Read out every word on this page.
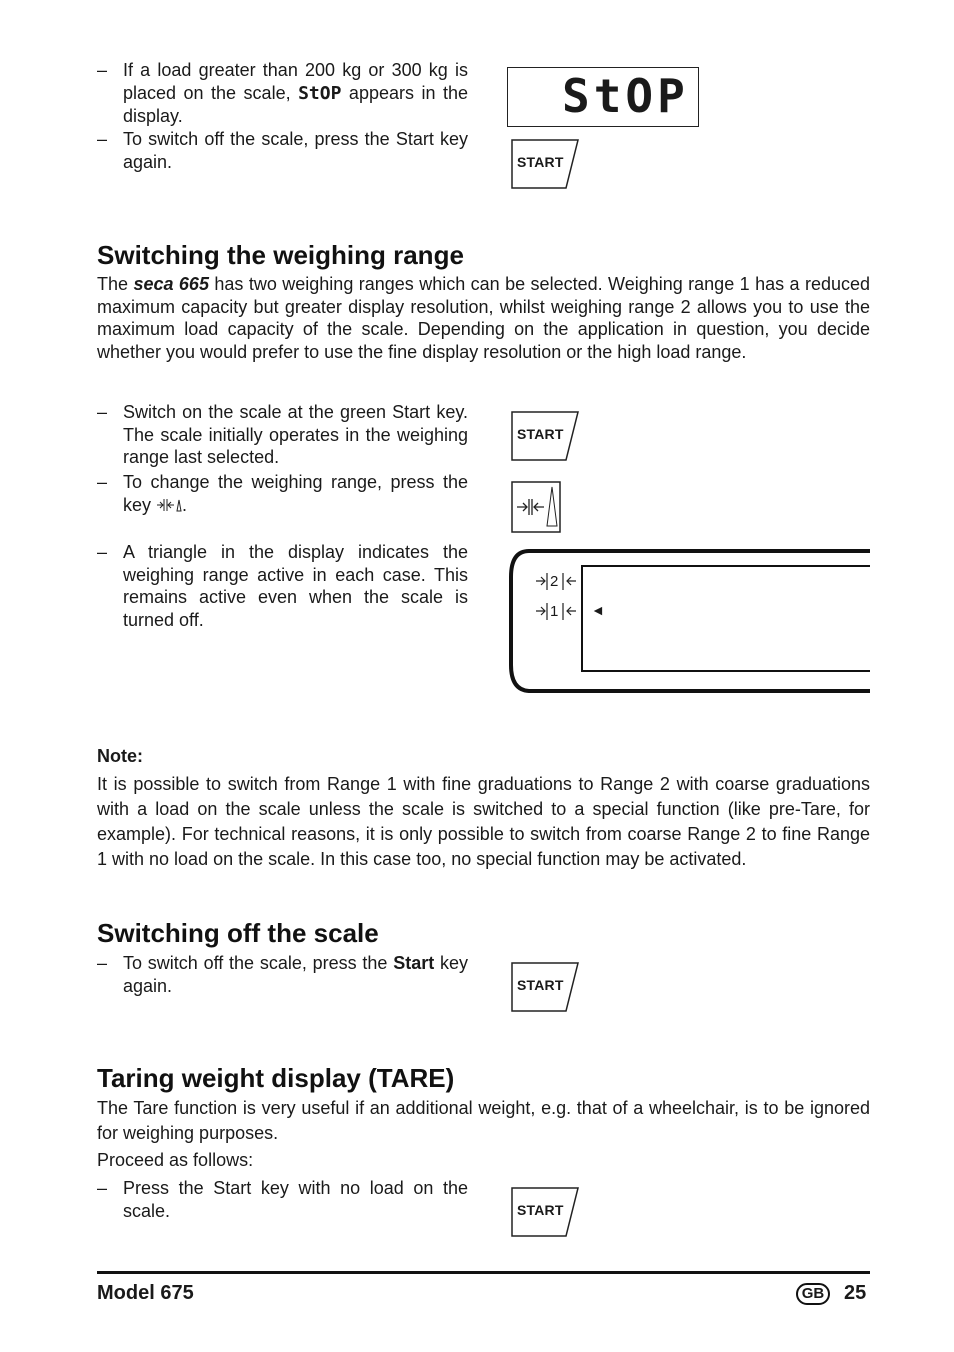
– If a load greater than 200 kg or 300 kg is placed on the scale, StOP appears in the display.
– To switch off the scale, press the Start key again.
StOP
START
Switching the weighing range
The seca 665 has two weighing ranges which can be selected. Weighing range 1 has a reduced maximum capacity but greater display resolution, whilst weighing range 2 allows you to use the maximum load capacity of the scale. Depending on the application in question, you decide whether you would prefer to use the fine display resolution or the high load range.
– Switch on the scale at the green Start key. The scale initially operates in the weighing range last selected.
– To change the weighing range, press the key .
– A triangle in the display indicates the weighing range active in each case. This remains active even when the scale is turned off.
START
2
1 ◄
Note:
It is possible to switch from Range 1 with fine graduations to Range 2 with coarse graduations with a load on the scale unless the scale is switched to a special function (like pre-Tare, for example). For technical reasons, it is only possible to switch from coarse Range 2 to fine Range 1 with no load on the scale. In this case too, no special function may be activated.
Switching off the scale
– To switch off the scale, press the Start key again.	START
Taring weight display (TARE)
The Tare function is very useful if an additional weight, e.g. that of a wheelchair, is to be ignored for weighing purposes.
Proceed as follows:
– Press the Start key with no load on the scale.	START
Model 675	GB 25
